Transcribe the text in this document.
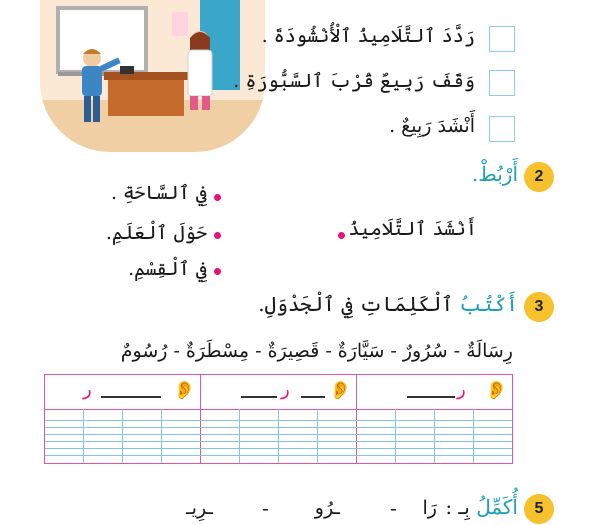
رَدَّدَ ٱلتَّلَامِيذُ ٱلْأُنْشُودَةَ .
وَقَفَ رَبِيعٌ قُرْبَ ٱلسَّبُّورَةِ .
أَنْشَدَ رَبِيعٌ .
2
أَرْبُطْ.
فِي ٱلسَّاحَةِ .
حَوْلَ ٱلْعَلَمِ.
فِي ٱلْقِسْمِ.
أَنْشَدَ ٱلتَّلَامِيذُ
3
أَكْتُبُ ٱلْكَلِمَاتِ فِي ٱلْجَدْوَلِ.
رِسَالَةٌ - سُرُورٌ - سَيَّارَةٌ - قَصِيرَةٌ - مِسْطَرَةٌ - رُسُومٌ
👂
ر
👂
ر
👂
ر
5
أُكَمِّلُ بِـ :
رَا
-
ـرُو
-
ـرِيـ
